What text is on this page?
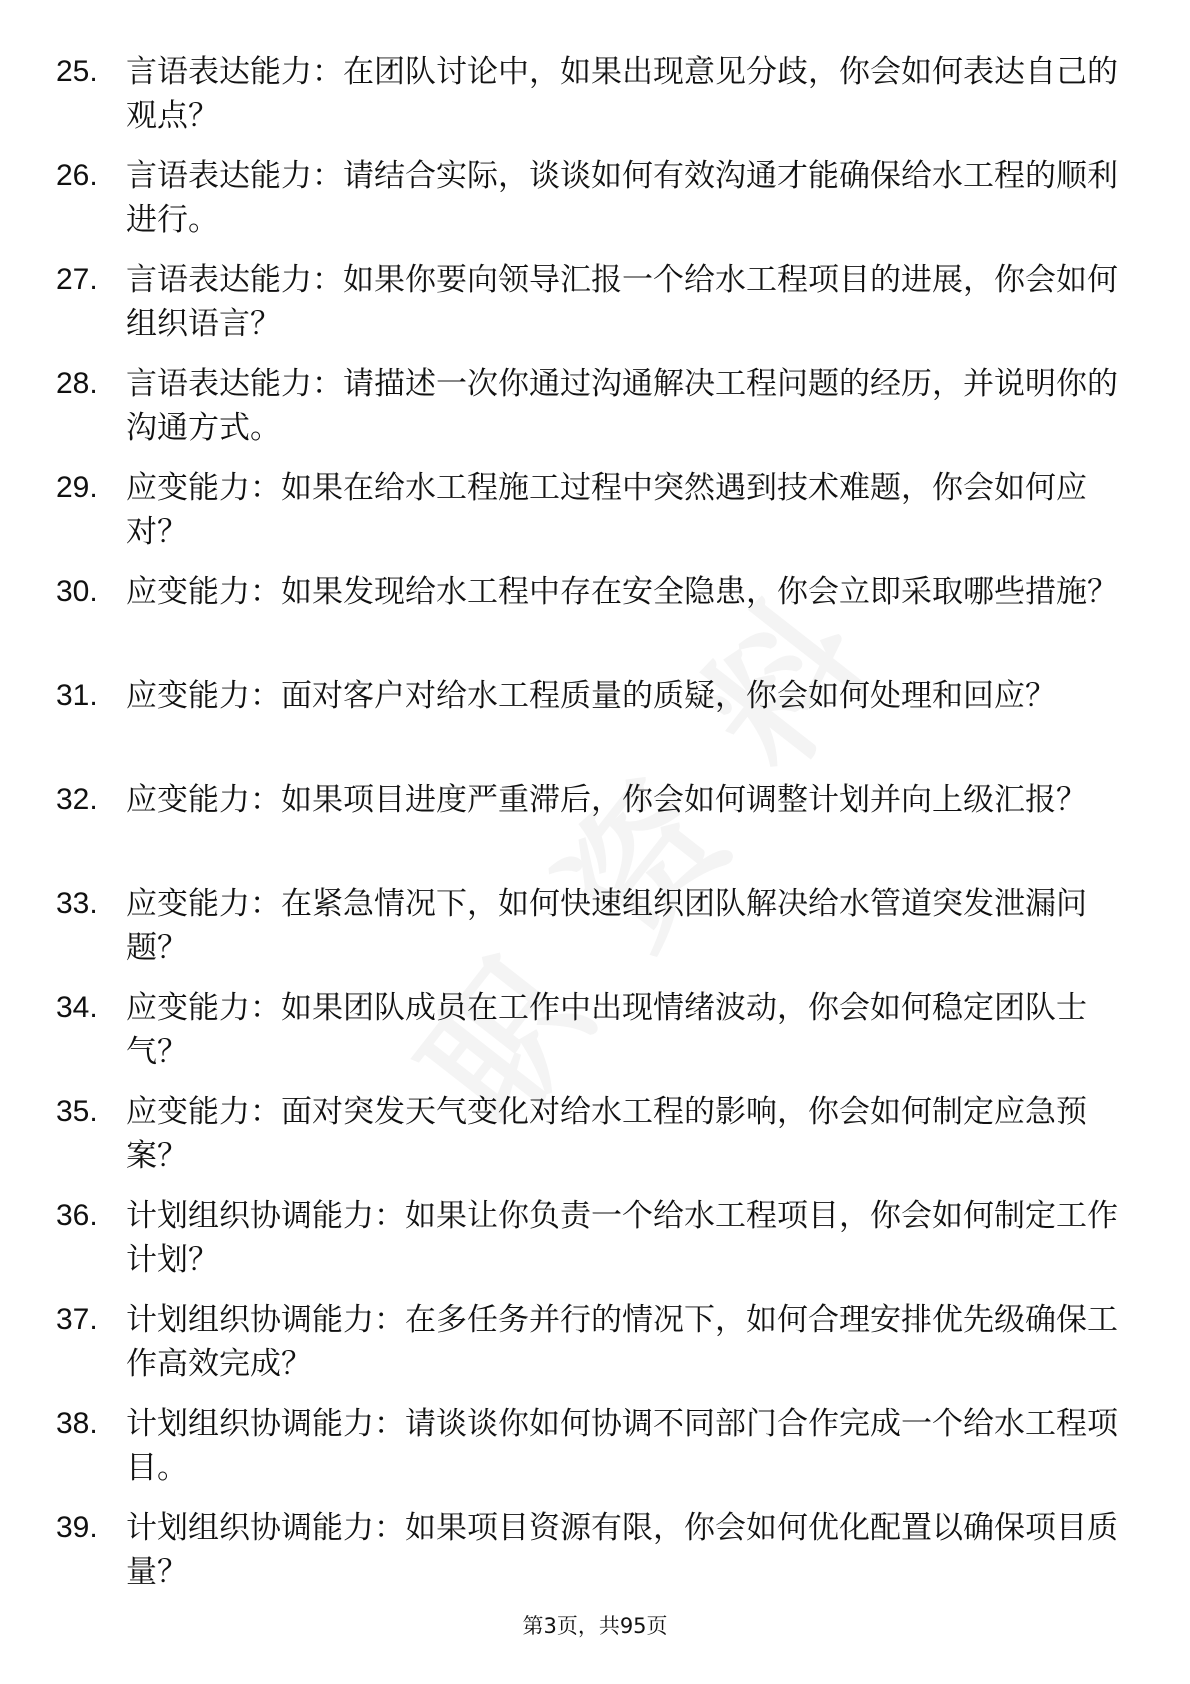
25. 言语表达能力：在团队讨论中，如果出现意见分歧，你会如何表达自己的观点？
26. 言语表达能力：请结合实际，谈谈如何有效沟通才能确保给水工程的顺利进行。
27. 言语表达能力：如果你要向领导汇报一个给水工程项目的进展，你会如何组织语言？
28. 言语表达能力：请描述一次你通过沟通解决工程问题的经历，并说明你的沟通方式。
29. 应变能力：如果在给水工程施工过程中突然遇到技术难题，你会如何应对？
30. 应变能力：如果发现给水工程中存在安全隐患，你会立即采取哪些措施？
31. 应变能力：面对客户对给水工程质量的质疑，你会如何处理和回应？
32. 应变能力：如果项目进度严重滞后，你会如何调整计划并向上级汇报？
33. 应变能力：在紧急情况下，如何快速组织团队解决给水管道突发泄漏问题？
34. 应变能力：如果团队成员在工作中出现情绪波动，你会如何稳定团队士气？
35. 应变能力：面对突发天气变化对给水工程的影响，你会如何制定应急预案？
36. 计划组织协调能力：如果让你负责一个给水工程项目，你会如何制定工作计划？
37. 计划组织协调能力：在多任务并行的情况下，如何合理安排优先级确保工作高效完成？
38. 计划组织协调能力：请谈谈你如何协调不同部门合作完成一个给水工程项目。
39. 计划组织协调能力：如果项目资源有限，你会如何优化配置以确保项目质量？
第3页，共95页
